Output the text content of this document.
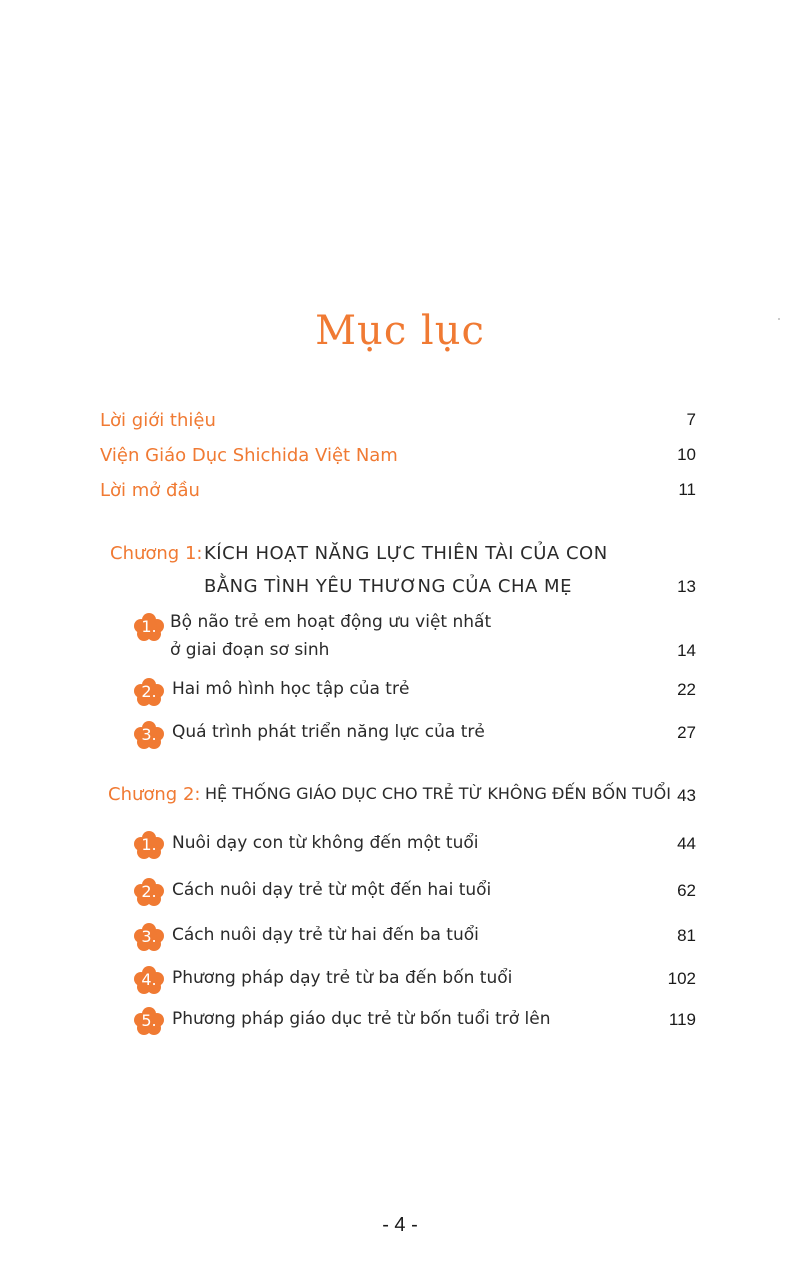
Mục lục
Lời giới thiệu	7
Viện Giáo Dục Shichida Việt Nam	10
Lời mở đầu	11
Chương 1: KÍCH HOẠT NĂNG LỰC THIÊN TÀI CỦA CON
BẰNG TÌNH YÊU THƯƠNG CỦA CHA MẸ	13
1. Bộ não trẻ em hoạt động ưu việt nhất
ở giai đoạn sơ sinh	14
2. Hai mô hình học tập của trẻ	22
3. Quá trình phát triển năng lực của trẻ	27
Chương 2: HỆ THỐNG GIÁO DỤC CHO TRẺ TỪ KHÔNG ĐẾN BỐN TUỔI 43
1. Nuôi dạy con từ không đến một tuổi	44
2. Cách nuôi dạy trẻ từ một đến hai tuổi	62
3. Cách nuôi dạy trẻ từ hai đến ba tuổi	81
4. Phương pháp dạy trẻ từ ba đến bốn tuổi	102
5. Phương pháp giáo dục trẻ từ bốn tuổi trở lên	119
- 4 -
